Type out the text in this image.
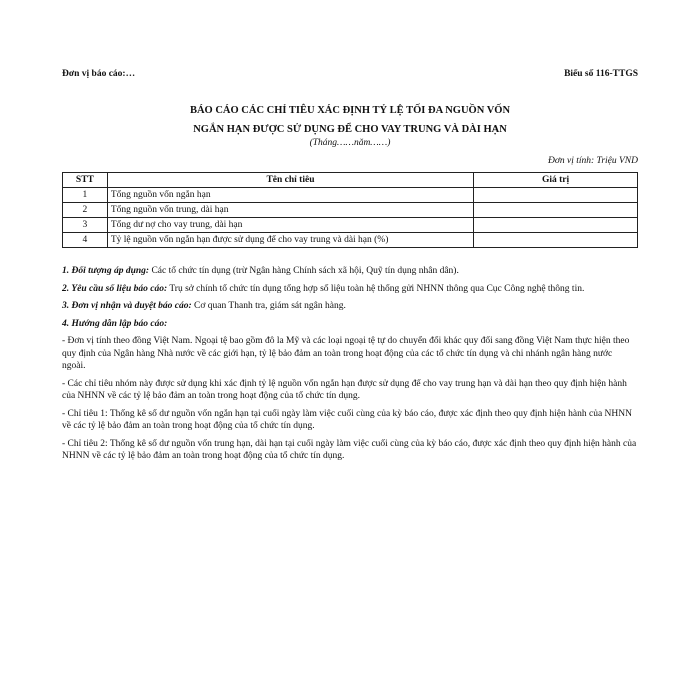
Đơn vị báo cáo:…	Biểu số 116-TTGS
BÁO CÁO CÁC CHỈ TIÊU XÁC ĐỊNH TỶ LỆ TỐI ĐA NGUỒN VỐN
NGẮN HẠN ĐƯỢC SỬ DỤNG ĐỂ CHO VAY TRUNG VÀ DÀI HẠN
(Tháng……năm……)
Đơn vị tính: Triệu VND
STT	Tên chỉ tiêu	Giá trị
1	Tổng nguồn vốn ngắn hạn	
2	Tổng nguồn vốn trung, dài hạn	
3	Tổng dư nợ cho vay trung, dài hạn	
4	Tỷ lệ nguồn vốn ngắn hạn được sử dụng để cho vay trung và dài hạn (%)	

1. Đối tượng áp dụng: Các tổ chức tín dụng (trừ Ngân hàng Chính sách xã hội, Quỹ tín dụng nhân dân).

2. Yêu cầu số liệu báo cáo: Trụ sở chính tổ chức tín dụng tổng hợp số liệu toàn hệ thống gửi NHNN thông qua Cục Công nghệ thông tin.

3. Đơn vị nhận và duyệt báo cáo: Cơ quan Thanh tra, giám sát ngân hàng.

4. Hướng dẫn lập báo cáo:

- Đơn vị tính theo đồng Việt Nam. Ngoại tệ bao gồm đô la Mỹ và các loại ngoại tệ tự do chuyển đổi khác quy đổi sang đồng Việt Nam thực hiện theo quy định của Ngân hàng Nhà nước về các giới hạn, tỷ lệ bảo đảm an toàn trong hoạt động của các tổ chức tín dụng và chi nhánh ngân hàng nước ngoài.

- Các chỉ tiêu nhóm này được sử dụng khi xác định tỷ lệ nguồn vốn ngắn hạn được sử dụng để cho vay trung hạn và dài hạn theo quy định hiện hành của NHNN về các tỷ lệ bảo đảm an toàn trong hoạt động của tổ chức tín dụng.

- Chỉ tiêu 1: Thống kê số dư nguồn vốn ngắn hạn tại cuối ngày làm việc cuối cùng của kỳ báo cáo, được xác định theo quy định hiện hành của NHNN về các tỷ lệ bảo đảm an toàn trong hoạt động của tổ chức tín dụng.

- Chỉ tiêu 2: Thống kê số dư nguồn vốn trung hạn, dài hạn tại cuối ngày làm việc cuối cùng của kỳ báo cáo, được xác định theo quy định hiện hành của NHNN về các tỷ lệ bảo đảm an toàn trong hoạt động của tổ chức tín dụng.
